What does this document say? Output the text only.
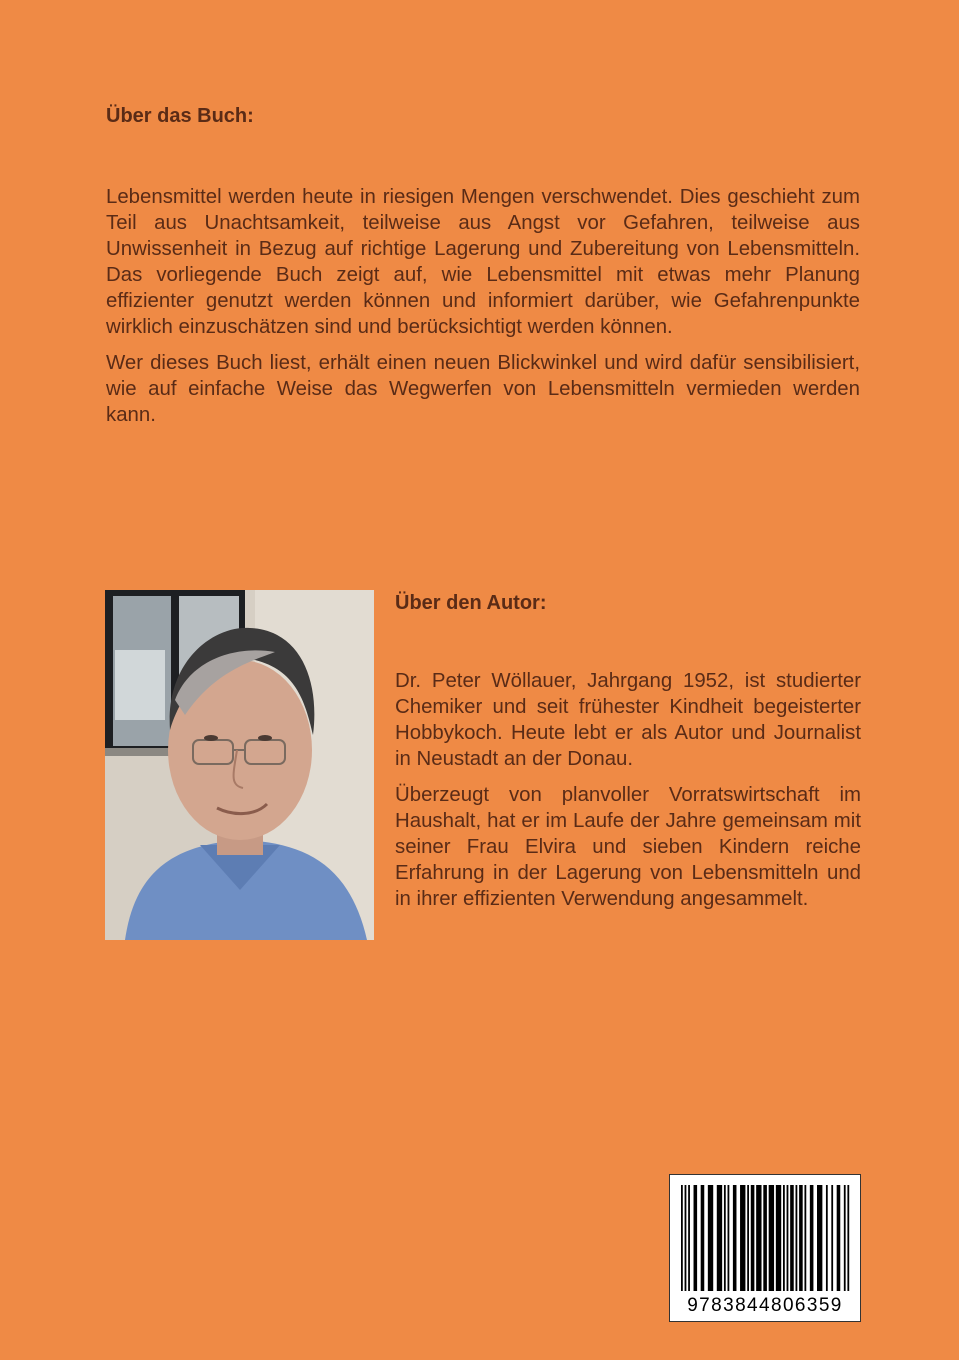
Über das Buch:

Lebensmittel werden heute in riesigen Mengen verschwendet. Dies geschieht zum Teil aus Unachtsamkeit, teilweise aus Angst vor Gefahren, teilweise aus Unwissenheit in Bezug auf richtige Lagerung und Zubereitung von Lebensmitteln. Das vorliegende Buch zeigt auf, wie Lebensmittel mit etwas mehr Planung effizienter genutzt werden können und informiert darüber, wie Gefahrenpunkte wirklich einzuschätzen sind und berücksichtigt werden können.

Wer dieses Buch liest, erhält einen neuen Blickwinkel und wird dafür sensibilisiert, wie auf einfache Weise das Wegwerfen von Lebensmitteln vermieden werden kann.

Über den Autor:

Dr. Peter Wöllauer, Jahrgang 1952, ist studierter Chemiker und seit frühester Kindheit begeisterter Hobbykoch. Heute lebt er als Autor und Journalist in Neustadt an der Donau.

Überzeugt von planvoller Vorratswirtschaft im Haushalt, hat er im Laufe der Jahre gemeinsam mit seiner Frau Elvira und sieben Kindern reiche Erfahrung in der Lagerung von Lebensmitteln und in ihrer effizienten Verwendung angesammelt.

9783844806359
